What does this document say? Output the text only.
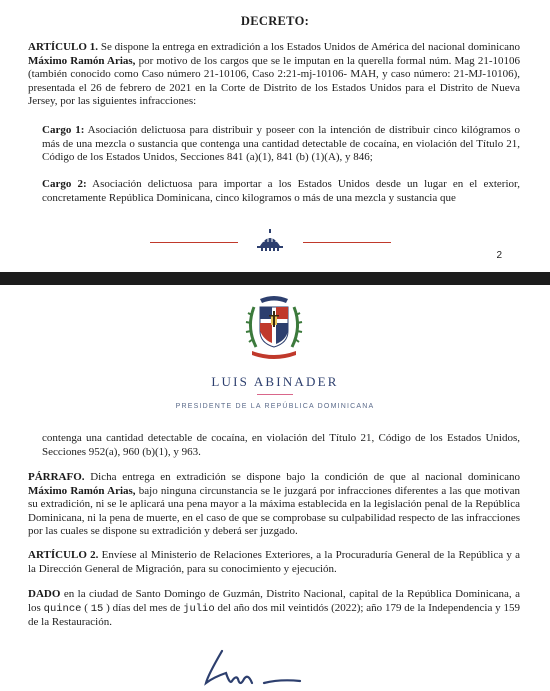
DECRETO:

ARTÍCULO 1. Se dispone la entrega en extradición a los Estados Unidos de América del nacional dominicano Máximo Ramón Arias, por motivo de los cargos que se le imputan en la querella formal núm. Mag 21-10106 (también conocido como Caso número 21-10106, Caso 2:21-mj-10106- MAH, y caso número: 21-MJ-10106), presentada el 26 de febrero de 2021 en la Corte de Distrito de los Estados Unidos para el Distrito de Nueva Jersey, por las siguientes infracciones:

Cargo 1: Asociación delictuosa para distribuir y poseer con la intención de distribuir cinco kilógramos o más de una mezcla o sustancia que contenga una cantidad detectable de cocaína, en violación del Título 21, Código de los Estados Unidos, Secciones 841 (a)(1), 841 (b) (1)(A), y 846;

Cargo 2: Asociación delictuosa para importar a los Estados Unidos desde un lugar en el exterior, concretamente República Dominicana, cinco kilogramos o más de una mezcla y sustancia que

2
LUIS ABINADER
PRESIDENTE DE LA REPÚBLICA DOMINICANA

contenga una cantidad detectable de cocaína, en violación del Título 21, Código de los Estados Unidos, Secciones 952(a), 960 (b)(1), y 963.

PÁRRAFO. Dicha entrega en extradición se dispone bajo la condición de que al nacional dominicano Máximo Ramón Arias, bajo ninguna circunstancia se le juzgará por infracciones diferentes a las que motivan su extradición, ni se le aplicará una pena mayor a la máxima establecida en la legislación penal de la República Dominicana, ni la pena de muerte, en el caso de que se comprobase su culpabilidad respecto de las infracciones por las cuales se dispone su extradición y deberá ser juzgado.

ARTÍCULO 2. Envíese al Ministerio de Relaciones Exteriores, a la Procuraduría General de la República y a la Dirección General de Migración, para su conocimiento y ejecución.

DADO en la ciudad de Santo Domingo de Guzmán, Distrito Nacional, capital de la República Dominicana, a los quince ( 15 ) días del mes de julio del año dos mil veintidós (2022); año 179 de la Independencia y 159 de la Restauración.
